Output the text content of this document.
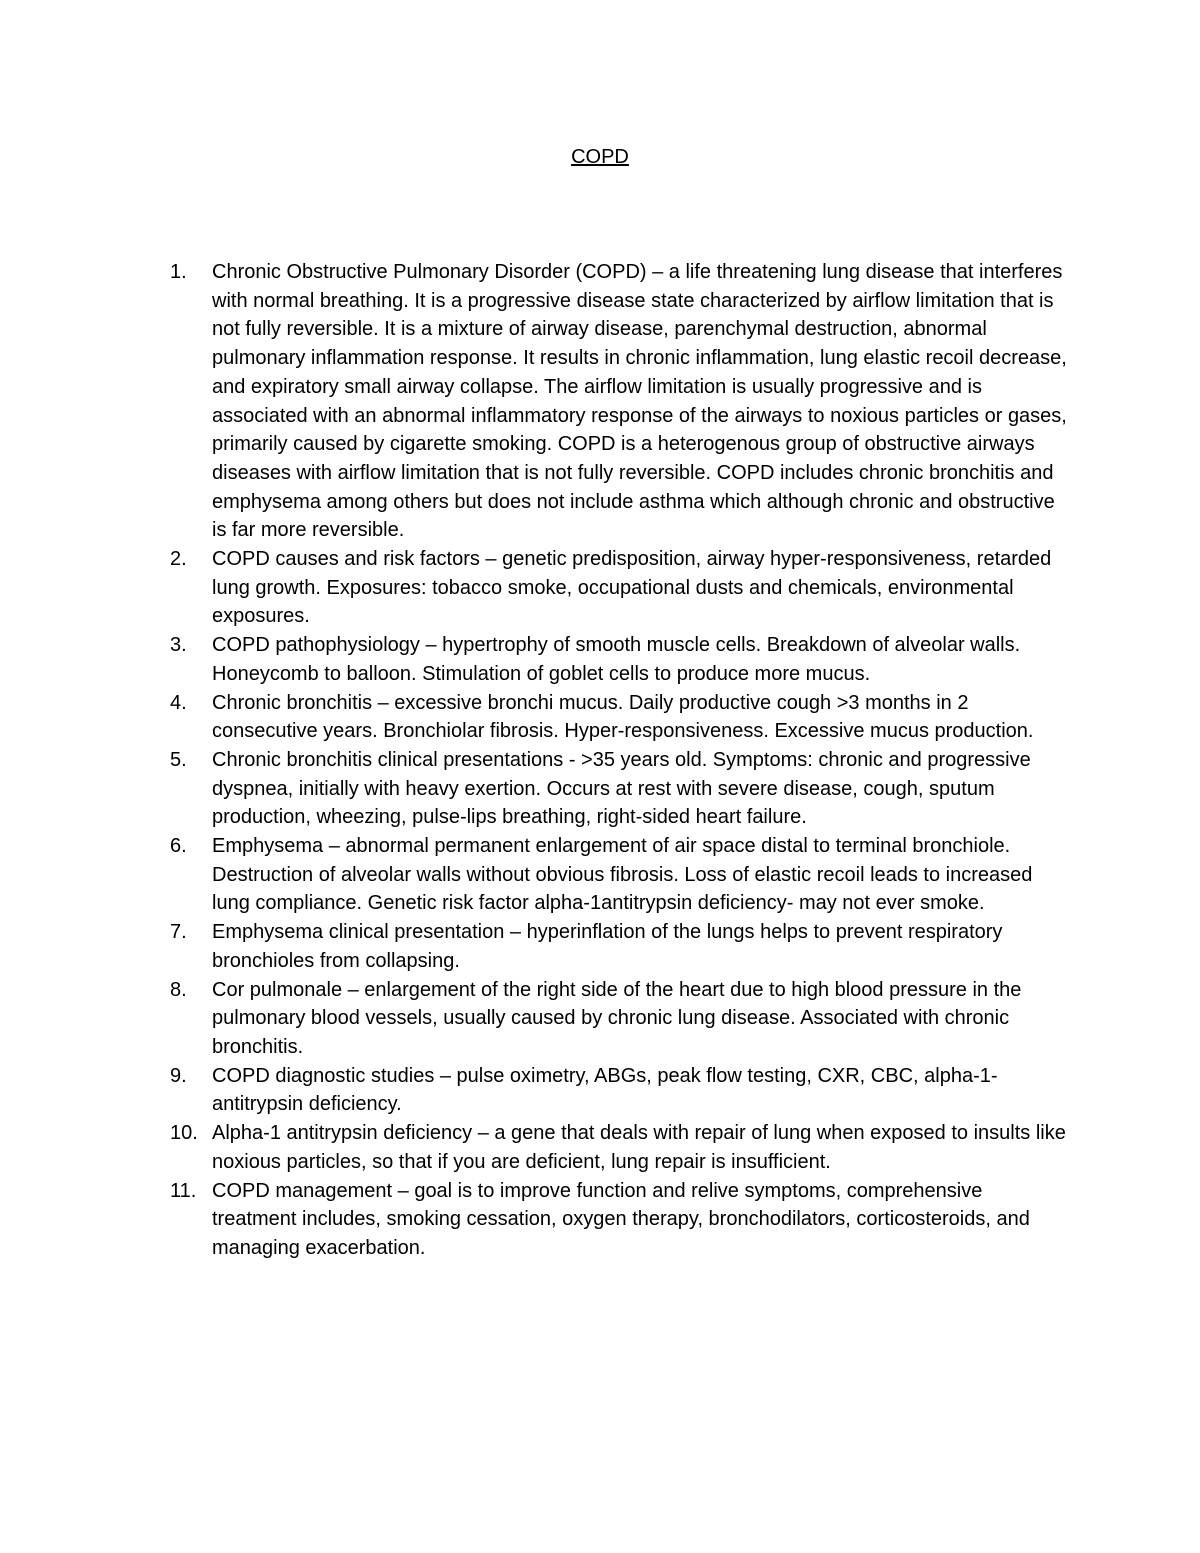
COPD
1.	Chronic Obstructive Pulmonary Disorder (COPD) – a life threatening lung disease that interferes with normal breathing. It is a progressive disease state characterized by airflow limitation that is not fully reversible. It is a mixture of airway disease, parenchymal destruction, abnormal pulmonary inflammation response. It results in chronic inflammation, lung elastic recoil decrease, and expiratory small airway collapse. The airflow limitation is usually progressive and is associated with an abnormal inflammatory response of the airways to noxious particles or gases, primarily caused by cigarette smoking. COPD is a heterogenous group of obstructive airways diseases with airflow limitation that is not fully reversible. COPD includes chronic bronchitis and emphysema among others but does not include asthma which although chronic and obstructive is far more reversible.
2.	COPD causes and risk factors – genetic predisposition, airway hyper-responsiveness, retarded lung growth. Exposures: tobacco smoke, occupational dusts and chemicals, environmental exposures.
3.	COPD pathophysiology – hypertrophy of smooth muscle cells. Breakdown of alveolar walls. Honeycomb to balloon. Stimulation of goblet cells to produce more mucus.
4.	Chronic bronchitis – excessive bronchi mucus. Daily productive cough >3 months in 2 consecutive years. Bronchiolar fibrosis. Hyper-responsiveness. Excessive mucus production.
5.	Chronic bronchitis clinical presentations - >35 years old. Symptoms: chronic and progressive dyspnea, initially with heavy exertion. Occurs at rest with severe disease, cough, sputum production, wheezing, pulse-lips breathing, right-sided heart failure.
6.	Emphysema – abnormal permanent enlargement of air space distal to terminal bronchiole. Destruction of alveolar walls without obvious fibrosis. Loss of elastic recoil leads to increased lung compliance. Genetic risk factor alpha-1antitrypsin deficiency- may not ever smoke.
7.	Emphysema clinical presentation – hyperinflation of the lungs helps to prevent respiratory bronchioles from collapsing.
8.	Cor pulmonale – enlargement of the right side of the heart due to high blood pressure in the pulmonary blood vessels, usually caused by chronic lung disease. Associated with chronic bronchitis.
9.	COPD diagnostic studies – pulse oximetry, ABGs, peak flow testing, CXR, CBC, alpha-1-antitrypsin deficiency.
10. Alpha-1 antitrypsin deficiency – a gene that deals with repair of lung when exposed to insults like noxious particles, so that if you are deficient, lung repair is insufficient.
11. COPD management – goal is to improve function and relive symptoms, comprehensive treatment includes, smoking cessation, oxygen therapy, bronchodilators, corticosteroids, and managing exacerbation.
